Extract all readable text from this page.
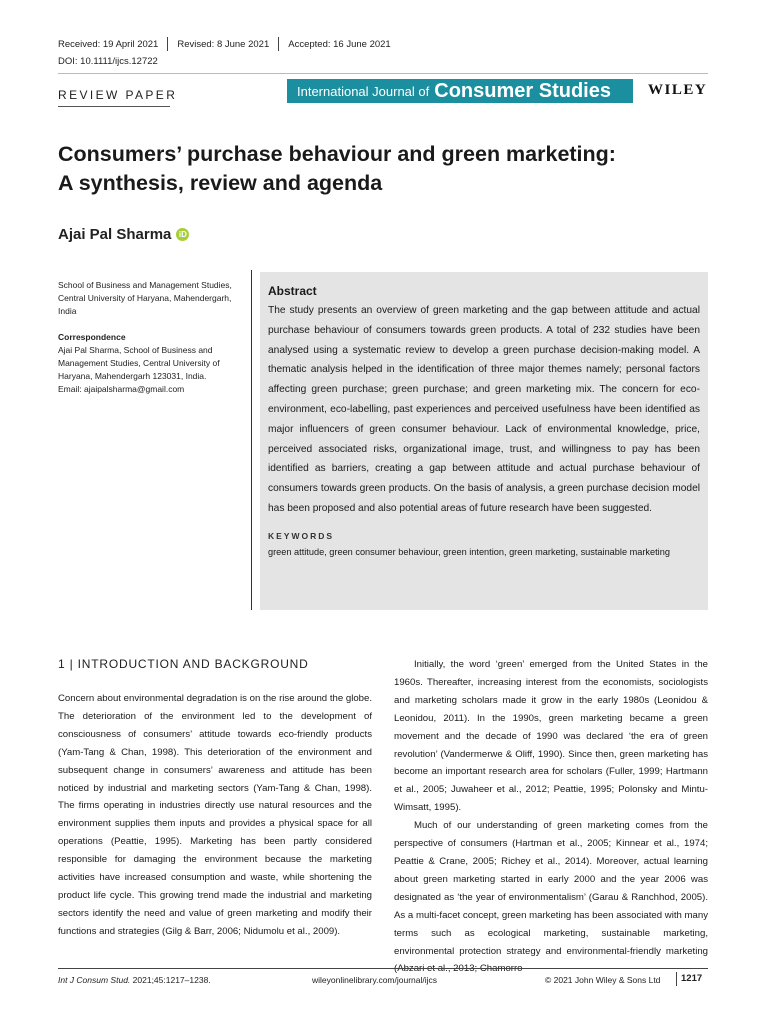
Received: 19 April 2021 Revised: 8 June 2021 Accepted: 16 June 2021
DOI: 10.1111/ijcs.12722
REVIEW PAPER	International Journal of Consumer Studies WILEY
Consumers’ purchase behaviour and green marketing:
A synthesis, review and agenda
Ajai Pal Sharma iD
School of Business and Management Studies, Central University of Haryana, Mahendergarh, India
Correspondence
Ajai Pal Sharma, School of Business and Management Studies, Central University of Haryana, Mahendergarh 123031, India.
Email: ajaipalsharma@gmail.com
Abstract
The study presents an overview of green marketing and the gap between attitude and actual purchase behaviour of consumers towards green products. A total of 232 studies have been analysed using a systematic review to develop a green purchase decision-making model. A thematic analysis helped in the identification of three major themes namely; personal factors affecting green purchase; green purchase; and green marketing mix. The concern for eco-environment, eco-labelling, past experiences and perceived usefulness have been identified as major influencers of green consumer behaviour. Lack of environmental knowledge, price, perceived associated risks, organizational image, trust, and willingness to pay has been identified as barriers, creating a gap between attitude and actual purchase behaviour of consumers towards green products. On the basis of analysis, a green purchase decision model has been proposed and also potential areas of future research have been suggested.
KEYWORDS
green attitude, green consumer behaviour, green intention, green marketing, sustainable marketing
1 | INTRODUCTION AND BACKGROUND

Concern about environmental degradation is on the rise around the globe. The deterioration of the environment led to the development of consciousness of consumers’ attitude towards eco-friendly products (Yam-Tang & Chan, 1998). This deterioration of the environment and subsequent change in consumers’ awareness and attitude has been noticed by industrial and marketing sectors (Yam-Tang & Chan, 1998). The firms operating in industries directly use natural resources and the environment supplies them inputs and provides a physical space for all operations (Peattie, 1995). Marketing has been partly considered responsible for damaging the environment because the marketing activities have increased consumption and waste, while shortening the product life cycle. This growing trend made the industrial and marketing sectors identify the need and value of green marketing and modify their functions and strategies (Gilg & Barr, 2006; Nidumolu et al., 2009).

Initially, the word ‘green’ emerged from the United States in the 1960s. Thereafter, increasing interest from the economists, sociologists and marketing scholars made it grow in the early 1980s (Leonidou & Leonidou, 2011). In the 1990s, green marketing became a green movement and the decade of 1990 was declared ‘the era of green revolution’ (Vandermerwe & Oliff, 1990). Since then, green marketing has become an important research area for scholars (Fuller, 1999; Hartmann et al., 2005; Juwaheer et al., 2012; Peattie, 1995; Polonsky and Mintu-Wimsatt, 1995).

Much of our understanding of green marketing comes from the perspective of consumers (Hartman et al., 2005; Kinnear et al., 1974; Peattie & Crane, 2005; Richey et al., 2014). Moreover, actual learning about green marketing started in early 2000 and the year 2006 was designated as ‘the year of environmentalism’ (Garau & Ranchhod, 2005). As a multi-facet concept, green marketing has been associated with many terms such as ecological marketing, sustainable marketing, environmental protection strategy and environmental-friendly marketing

Int J Consum Stud. 2021;45:1217–1238.	wileyonlinelibrary.com/journal/ijcs	© 2021 John Wiley & Sons Ltd 1217
